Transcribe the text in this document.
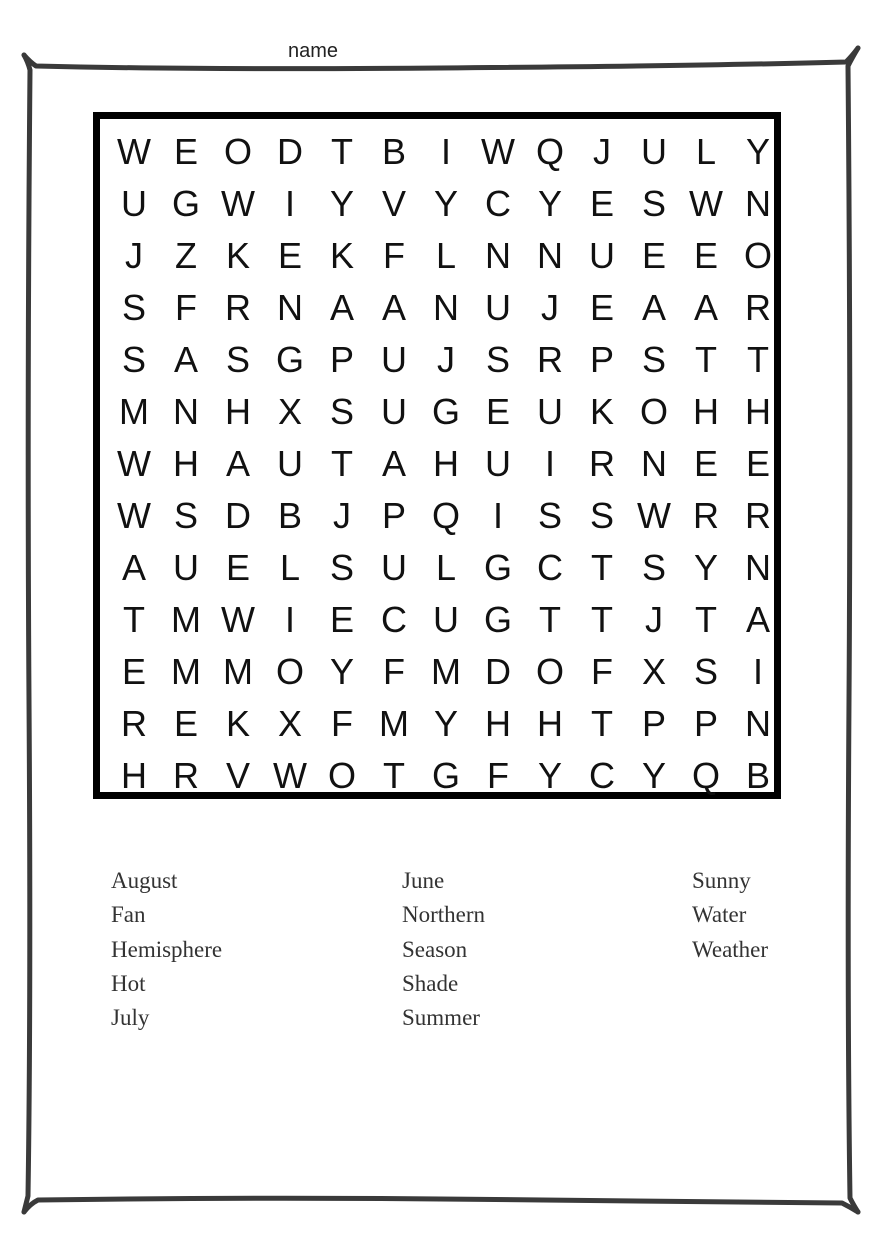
name
W E O D T B I W Q J U L Y
U G W I Y V Y C Y E S W N
J Z K E K F L N N U E E O
S F R N A A N U J E A A R
S A S G P U J S R P S T T
M N H X S U G E U K O H H
W H A U T A H U I R N E E
W S D B J P Q I S S W R R
A U E L S U L G C T S Y N
T M W I E C U G T T J T A
E M M O Y F M D O F X S I
R E K X F M Y H H T P P N
H R V W O T G F Y C Y Q B
August
Fan
Hemisphere
Hot
July
June
Northern
Season
Shade
Summer
Sunny
Water
Weather
